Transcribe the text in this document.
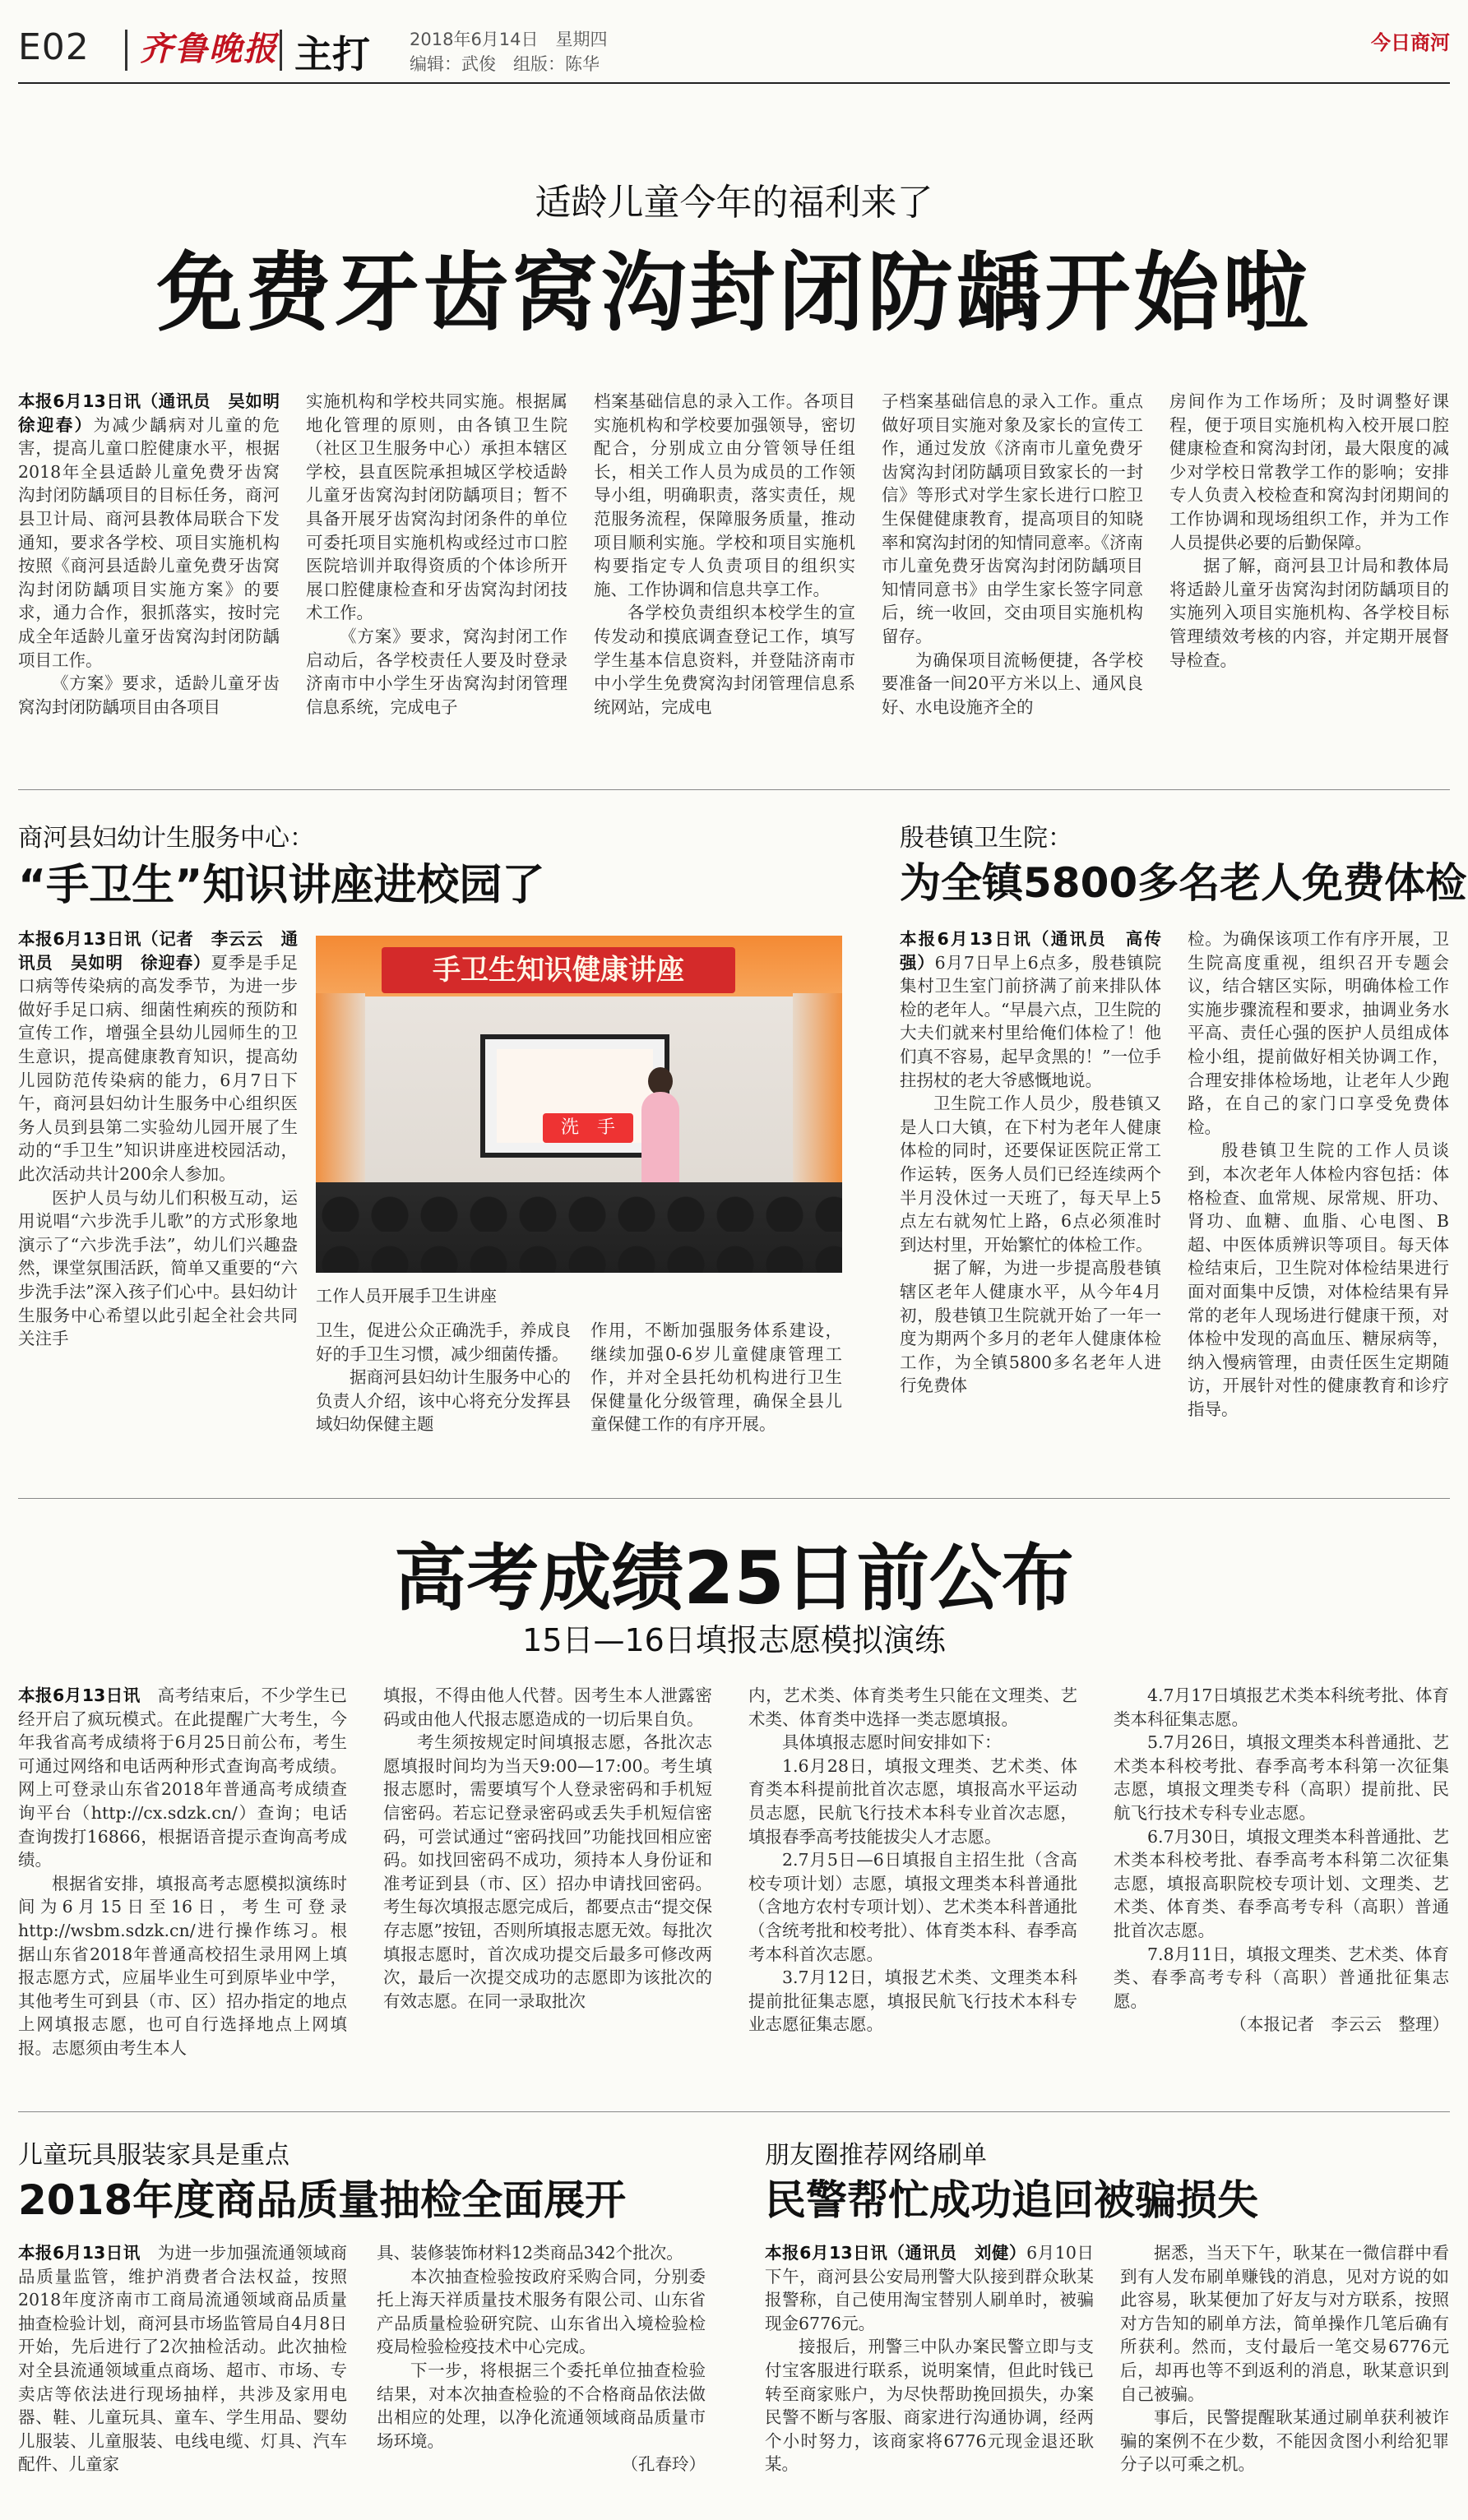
E02 齐鲁晚报 主打 2018年6月14日　星期四
编辑：武俊　组版：陈华
今日商河
适龄儿童今年的福利来了
免费牙齿窝沟封闭防龋开始啦

本报6月13日讯（通讯员　吴如明　徐迎春）为减少龋病对儿童的危害，提高儿童口腔健康水平，根据2018年全县适龄儿童免费牙齿窝沟封闭防龋项目的目标任务，商河县卫计局、商河县教体局联合下发通知，要求各学校、项目实施机构按照《商河县适龄儿童免费牙齿窝沟封闭防龋项目实施方案》的要求，通力合作，狠抓落实，按时完成全年适龄儿童牙齿窝沟封闭防龋项目工作。

《方案》要求，适龄儿童牙齿窝沟封闭防龋项目由各项目

实施机构和学校共同实施。根据属地化管理的原则，由各镇卫生院（社区卫生服务中心）承担本辖区学校，县直医院承担城区学校适龄儿童牙齿窝沟封闭防龋项目；暂不具备开展牙齿窝沟封闭条件的单位可委托项目实施机构或经过市口腔医院培训并取得资质的个体诊所开展口腔健康检查和牙齿窝沟封闭技术工作。

《方案》要求，窝沟封闭工作启动后，各学校责任人要及时登录济南市中小学生牙齿窝沟封闭管理信息系统，完成电子

档案基础信息的录入工作。各项目实施机构和学校要加强领导，密切配合，分别成立由分管领导任组长，相关工作人员为成员的工作领导小组，明确职责，落实责任，规范服务流程，保障服务质量，推动项目顺利实施。学校和项目实施机构要指定专人负责项目的组织实施、工作协调和信息共享工作。

各学校负责组织本校学生的宣传发动和摸底调查登记工作，填写学生基本信息资料，并登陆济南市中小学生免费窝沟封闭管理信息系统网站，完成电

子档案基础信息的录入工作。重点做好项目实施对象及家长的宣传工作，通过发放《济南市儿童免费牙齿窝沟封闭防龋项目致家长的一封信》等形式对学生家长进行口腔卫生保健健康教育，提高项目的知晓率和窝沟封闭的知情同意率。《济南市儿童免费牙齿窝沟封闭防龋项目知情同意书》由学生家长签字同意后，统一收回，交由项目实施机构留存。

为确保项目流畅便捷，各学校要准备一间20平方米以上、通风良好、水电设施齐全的

房间作为工作场所；及时调整好课程，便于项目实施机构入校开展口腔健康检查和窝沟封闭，最大限度的减少对学校日常教学工作的影响；安排专人负责入校检查和窝沟封闭期间的工作协调和现场组织工作，并为工作人员提供必要的后勤保障。

据了解，商河县卫计局和教体局将适龄儿童牙齿窝沟封闭防龋项目的实施列入项目实施机构、各学校目标管理绩效考核的内容，并定期开展督导检查。

商河县妇幼计生服务中心：
“手卫生”知识讲座进校园了

本报6月13日讯（记者　李云云　通讯员　吴如明　徐迎春）夏季是手足口病等传染病的高发季节，为进一步做好手足口病、细菌性痢疾的预防和宣传工作，增强全县幼儿园师生的卫生意识，提高健康教育知识，提高幼儿园防范传染病的能力，6月7日下午，商河县妇幼计生服务中心组织医务人员到县第二实验幼儿园开展了生动的“手卫生”知识讲座进校园活动，此次活动共计200余人参加。

医护人员与幼儿们积极互动，运用说唱“六步洗手儿歌”的方式形象地演示了“六步洗手法”，幼儿们兴趣盎然，课堂氛围活跃，简单又重要的“六步洗手法”深入孩子们心中。县妇幼计生服务中心希望以此引起全社会共同关注手

手卫生知识健康讲座
洗　手
工作人员开展手卫生讲座

卫生，促进公众正确洗手，养成良好的手卫生习惯，减少细菌传播。

据商河县妇幼计生服务中心的负责人介绍，该中心将充分发挥县域妇幼保健主题

作用，不断加强服务体系建设，继续加强0-6岁儿童健康管理工作，并对全县托幼机构进行卫生保健量化分级管理，确保全县儿童保健工作的有序开展。

殷巷镇卫生院：
为全镇5800多名老人免费体检

本报6月13日讯（通讯员　高传强）6月7日早上6点多，殷巷镇院集村卫生室门前挤满了前来排队体检的老年人。“早晨六点，卫生院的大夫们就来村里给俺们体检了！他们真不容易，起早贪黑的！”一位手拄拐杖的老大爷感慨地说。

卫生院工作人员少，殷巷镇又是人口大镇，在下村为老年人健康体检的同时，还要保证医院正常工作运转，医务人员们已经连续两个半月没休过一天班了，每天早上5点左右就匆忙上路，6点必须准时到达村里，开始繁忙的体检工作。

据了解，为进一步提高殷巷镇辖区老年人健康水平，从今年4月初，殷巷镇卫生院就开始了一年一度为期两个多月的老年人健康体检工作，为全镇5800多名老年人进行免费体

检。为确保该项工作有序开展，卫生院高度重视，组织召开专题会议，结合辖区实际，明确体检工作实施步骤流程和要求，抽调业务水平高、责任心强的医护人员组成体检小组，提前做好相关协调工作，合理安排体检场地，让老年人少跑路，在自己的家门口享受免费体检。

殷巷镇卫生院的工作人员谈到，本次老年人体检内容包括：体格检查、血常规、尿常规、肝功、肾功、血糖、血脂、心电图、B超、中医体质辨识等项目。每天体检结束后，卫生院对体检结果进行面对面集中反馈，对体检结果有异常的老年人现场进行健康干预，对体检中发现的高血压、糖尿病等，纳入慢病管理，由责任医生定期随访，开展针对性的健康教育和诊疗指导。

高考成绩25日前公布
15日—16日填报志愿模拟演练

本报6月13日讯　 高考结束后，不少学生已经开启了疯玩模式。在此提醒广大考生，今年我省高考成绩将于6月25日前公布，考生可通过网络和电话两种形式查询高考成绩。网上可登录山东省2018年普通高考成绩查询平台（http://cx.sdzk.cn/）查询；电话查询拨打16866，根据语音提示查询高考成绩。

根据省安排，填报高考志愿模拟演练时间为6月15日至16日，考生可登录http://wsbm.sdzk.cn/进行操作练习。根据山东省2018年普通高校招生录用网上填报志愿方式，应届毕业生可到原毕业中学，其他考生可到县（市、区）招办指定的地点上网填报志愿，也可自行选择地点上网填报。志愿须由考生本人

填报，不得由他人代替。因考生本人泄露密码或由他人代报志愿造成的一切后果自负。

考生须按规定时间填报志愿，各批次志愿填报时间均为当天9:00—17:00。考生填报志愿时，需要填写个人登录密码和手机短信密码。若忘记登录密码或丢失手机短信密码，可尝试通过“密码找回”功能找回相应密码。如找回密码不成功，须持本人身份证和准考证到县（市、区）招办申请找回密码。考生每次填报志愿完成后，都要点击“提交保存志愿”按钮，否则所填报志愿无效。每批次填报志愿时，首次成功提交后最多可修改两次，最后一次提交成功的志愿即为该批次的有效志愿。在同一录取批次

内，艺术类、体育类考生只能在文理类、艺术类、体育类中选择一类志愿填报。

具体填报志愿时间安排如下：

1.6月28日，填报文理类、艺术类、体育类本科提前批首次志愿，填报高水平运动员志愿，民航飞行技术本科专业首次志愿，填报春季高考技能拔尖人才志愿。

2.7月5日—6日填报自主招生批（含高校专项计划）志愿，填报文理类本科普通批（含地方农村专项计划）、艺术类本科普通批（含统考批和校考批）、体育类本科、春季高考本科首次志愿。

3.7月12日，填报艺术类、文理类本科提前批征集志愿，填报民航飞行技术本科专业志愿征集志愿。

4.7月17日填报艺术类本科统考批、体育类本科征集志愿。

5.7月26日，填报文理类本科普通批、艺术类本科校考批、春季高考本科第一次征集志愿，填报文理类专科（高职）提前批、民航飞行技术专科专业志愿。

6.7月30日，填报文理类本科普通批、艺术类本科校考批、春季高考本科第二次征集志愿，填报高职院校专项计划、文理类、艺术类、体育类、春季高考专科（高职）普通批首次志愿。

7.8月11日，填报文理类、艺术类、体育类、春季高考专科（高职）普通批征集志愿。

（本报记者　李云云　整理）

儿童玩具服装家具是重点
2018年度商品质量抽检全面展开

本报6月13日讯　 为进一步加强流通领域商品质量监管，维护消费者合法权益，按照2018年度济南市工商局流通领域商品质量抽查检验计划，商河县市场监管局自4月8日开始，先后进行了2次抽检活动。此次抽检对全县流通领域重点商场、超市、市场、专卖店等依法进行现场抽样，共涉及家用电器、鞋、儿童玩具、童车、学生用品、婴幼儿服装、儿童服装、电线电缆、灯具、汽车配件、儿童家

具、装修装饰材料12类商品342个批次。

本次抽查检验按政府采购合同，分别委托上海天祥质量技术服务有限公司、山东省产品质量检验研究院、山东省出入境检验检疫局检验检疫技术中心完成。

下一步，将根据三个委托单位抽查检验结果，对本次抽查检验的不合格商品依法做出相应的处理，以净化流通领域商品质量市场环境。

（孔春玲）

朋友圈推荐网络刷单
民警帮忙成功追回被骗损失

本报6月13日讯（通讯员　刘健）6月10日下午，商河县公安局刑警大队接到群众耿某报警称，自己使用淘宝替别人刷单时，被骗现金6776元。

接报后，刑警三中队办案民警立即与支付宝客服进行联系，说明案情，但此时钱已转至商家账户，为尽快帮助挽回损失，办案民警不断与客服、商家进行沟通协调，经两个小时努力，该商家将6776元现金退还耿某。

据悉，当天下午，耿某在一微信群中看到有人发布刷单赚钱的消息，见对方说的如此容易，耿某便加了好友与对方联系，按照对方告知的刷单方法，简单操作几笔后确有所获利。然而，支付最后一笔交易6776元后，却再也等不到返利的消息，耿某意识到自己被骗。

事后，民警提醒耿某通过刷单获利被诈骗的案例不在少数，不能因贪图小利给犯罪分子以可乘之机。
